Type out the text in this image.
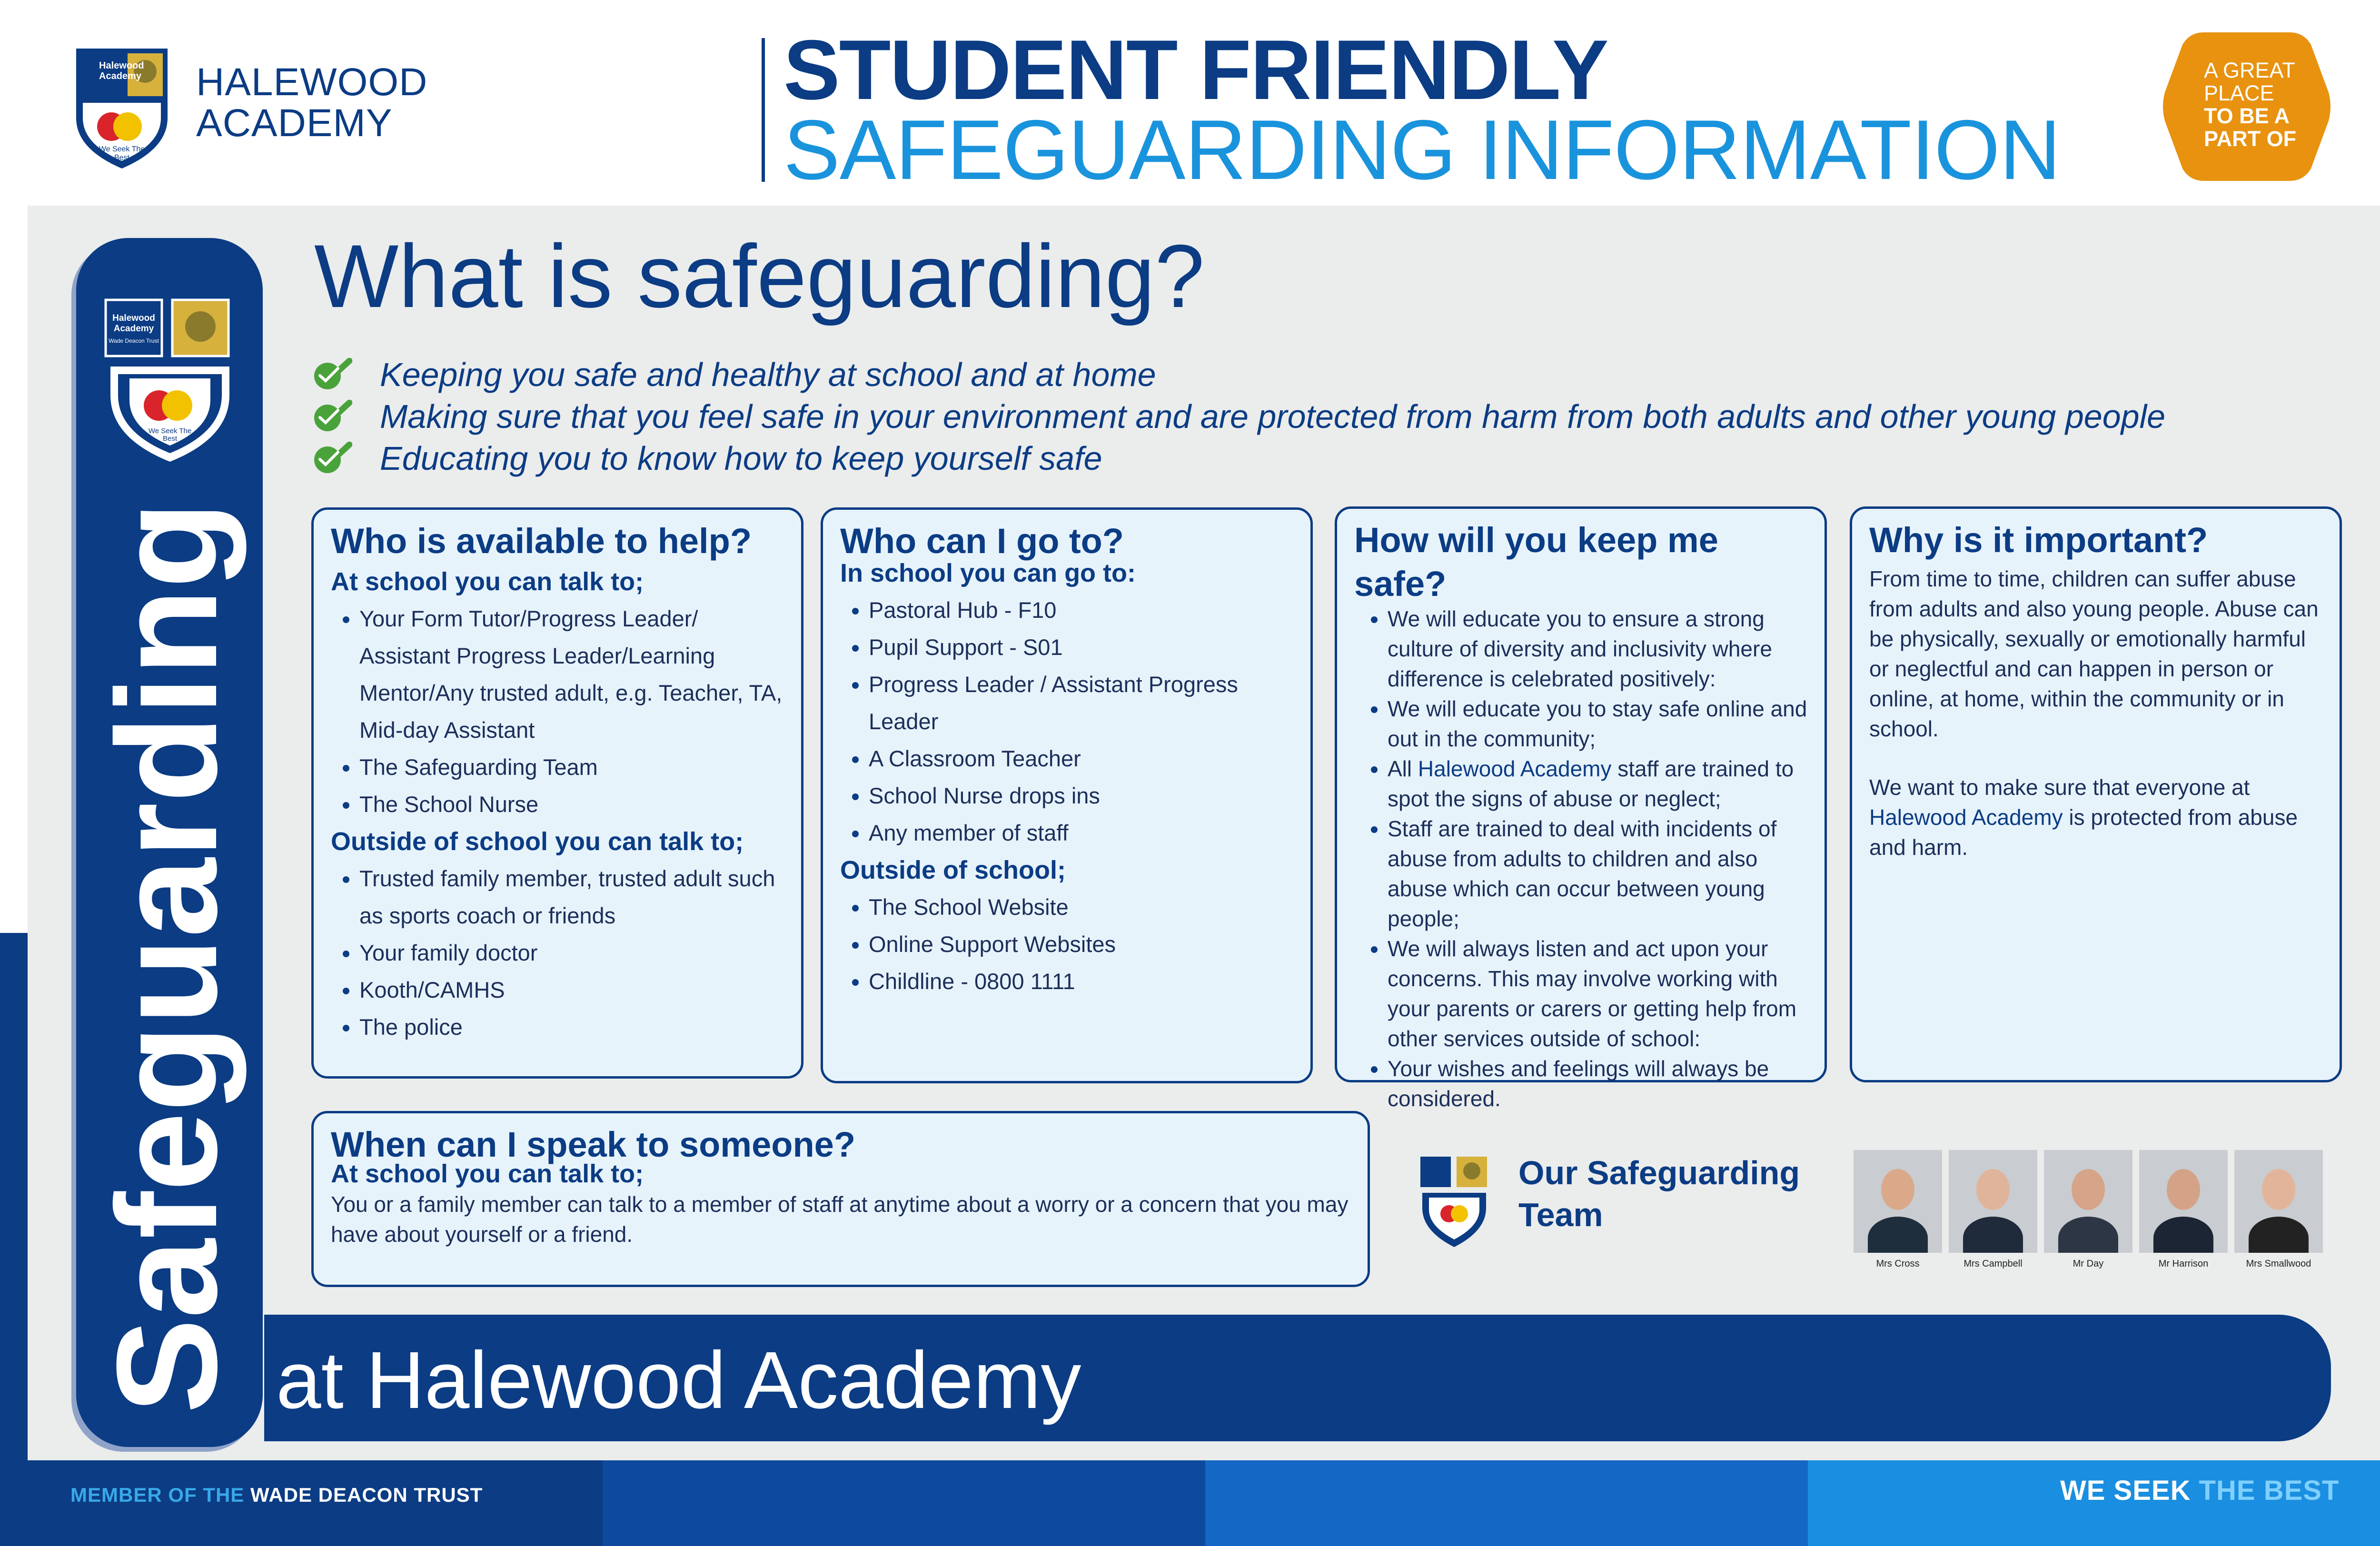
Halewood
Academy
We Seek The
Best
HALEWOOD
ACADEMY
STUDENT FRIENDLY
SAFEGUARDING INFORMATION
A GREAT
PLACE
TO BE A
PART OF
Halewood
Academy
Wade Deacon Trust
We Seek The
Best
Safeguarding at Halewood Academy
What is safeguarding?
Keeping you safe and healthy at school and at home
Making sure that you feel safe in your environment and are protected from harm from both adults and other young people
Educating you to know how to keep yourself safe
Who is available to help?
At school you can talk to;
• Your Form Tutor/Progress Leader/ Assistant Progress Leader/Learning Mentor/Any trusted adult, e.g. Teacher, TA, Mid-day Assistant
• The Safeguarding Team
• The School Nurse
Outside of school you can talk to;
• Trusted family member, trusted adult such as sports coach or friends
• Your family doctor
• Kooth/CAMHS
• The police
Who can I go to?
In school you can go to:
• Pastoral Hub - F10
• Pupil Support - S01
• Progress Leader / Assistant Progress Leader
• A Classroom Teacher
• School Nurse drops ins
• Any member of staff
Outside of school;
• The School Website
• Online Support Websites
• Childline - 0800 1111
How will you keep me safe?
• We will educate you to ensure a strong culture of diversity and inclusivity where difference is celebrated positively:
• We will educate you to stay safe online and out in the community;
• All Halewood Academy staff are trained to spot the signs of abuse or neglect;
• Staff are trained to deal with incidents of abuse from adults to children and also abuse which can occur between young people;
• We will always listen and act upon your concerns. This may involve working with your parents or carers or getting help from other services outside of school:
• Your wishes and feelings will always be considered.
Why is it important?

From time to time, children can suffer abuse from adults and also young people. Abuse can be physically, sexually or emotionally harmful or neglectful and can happen in person or online, at home, within the community or in school.

We want to make sure that everyone at Halewood Academy is protected from abuse and harm.

When can I speak to someone?
At school you can talk to;

You or a family member can talk to a member of staff at anytime about a worry or a concern that you may have about yourself or a friend.

Our Safeguarding
Team
Mrs Cross	Mrs Campbell	Mr Day	Mr Harrison	Mrs Smallwood
MEMBER OF THE WADE DEACON TRUST	WE SEEK THE BEST
